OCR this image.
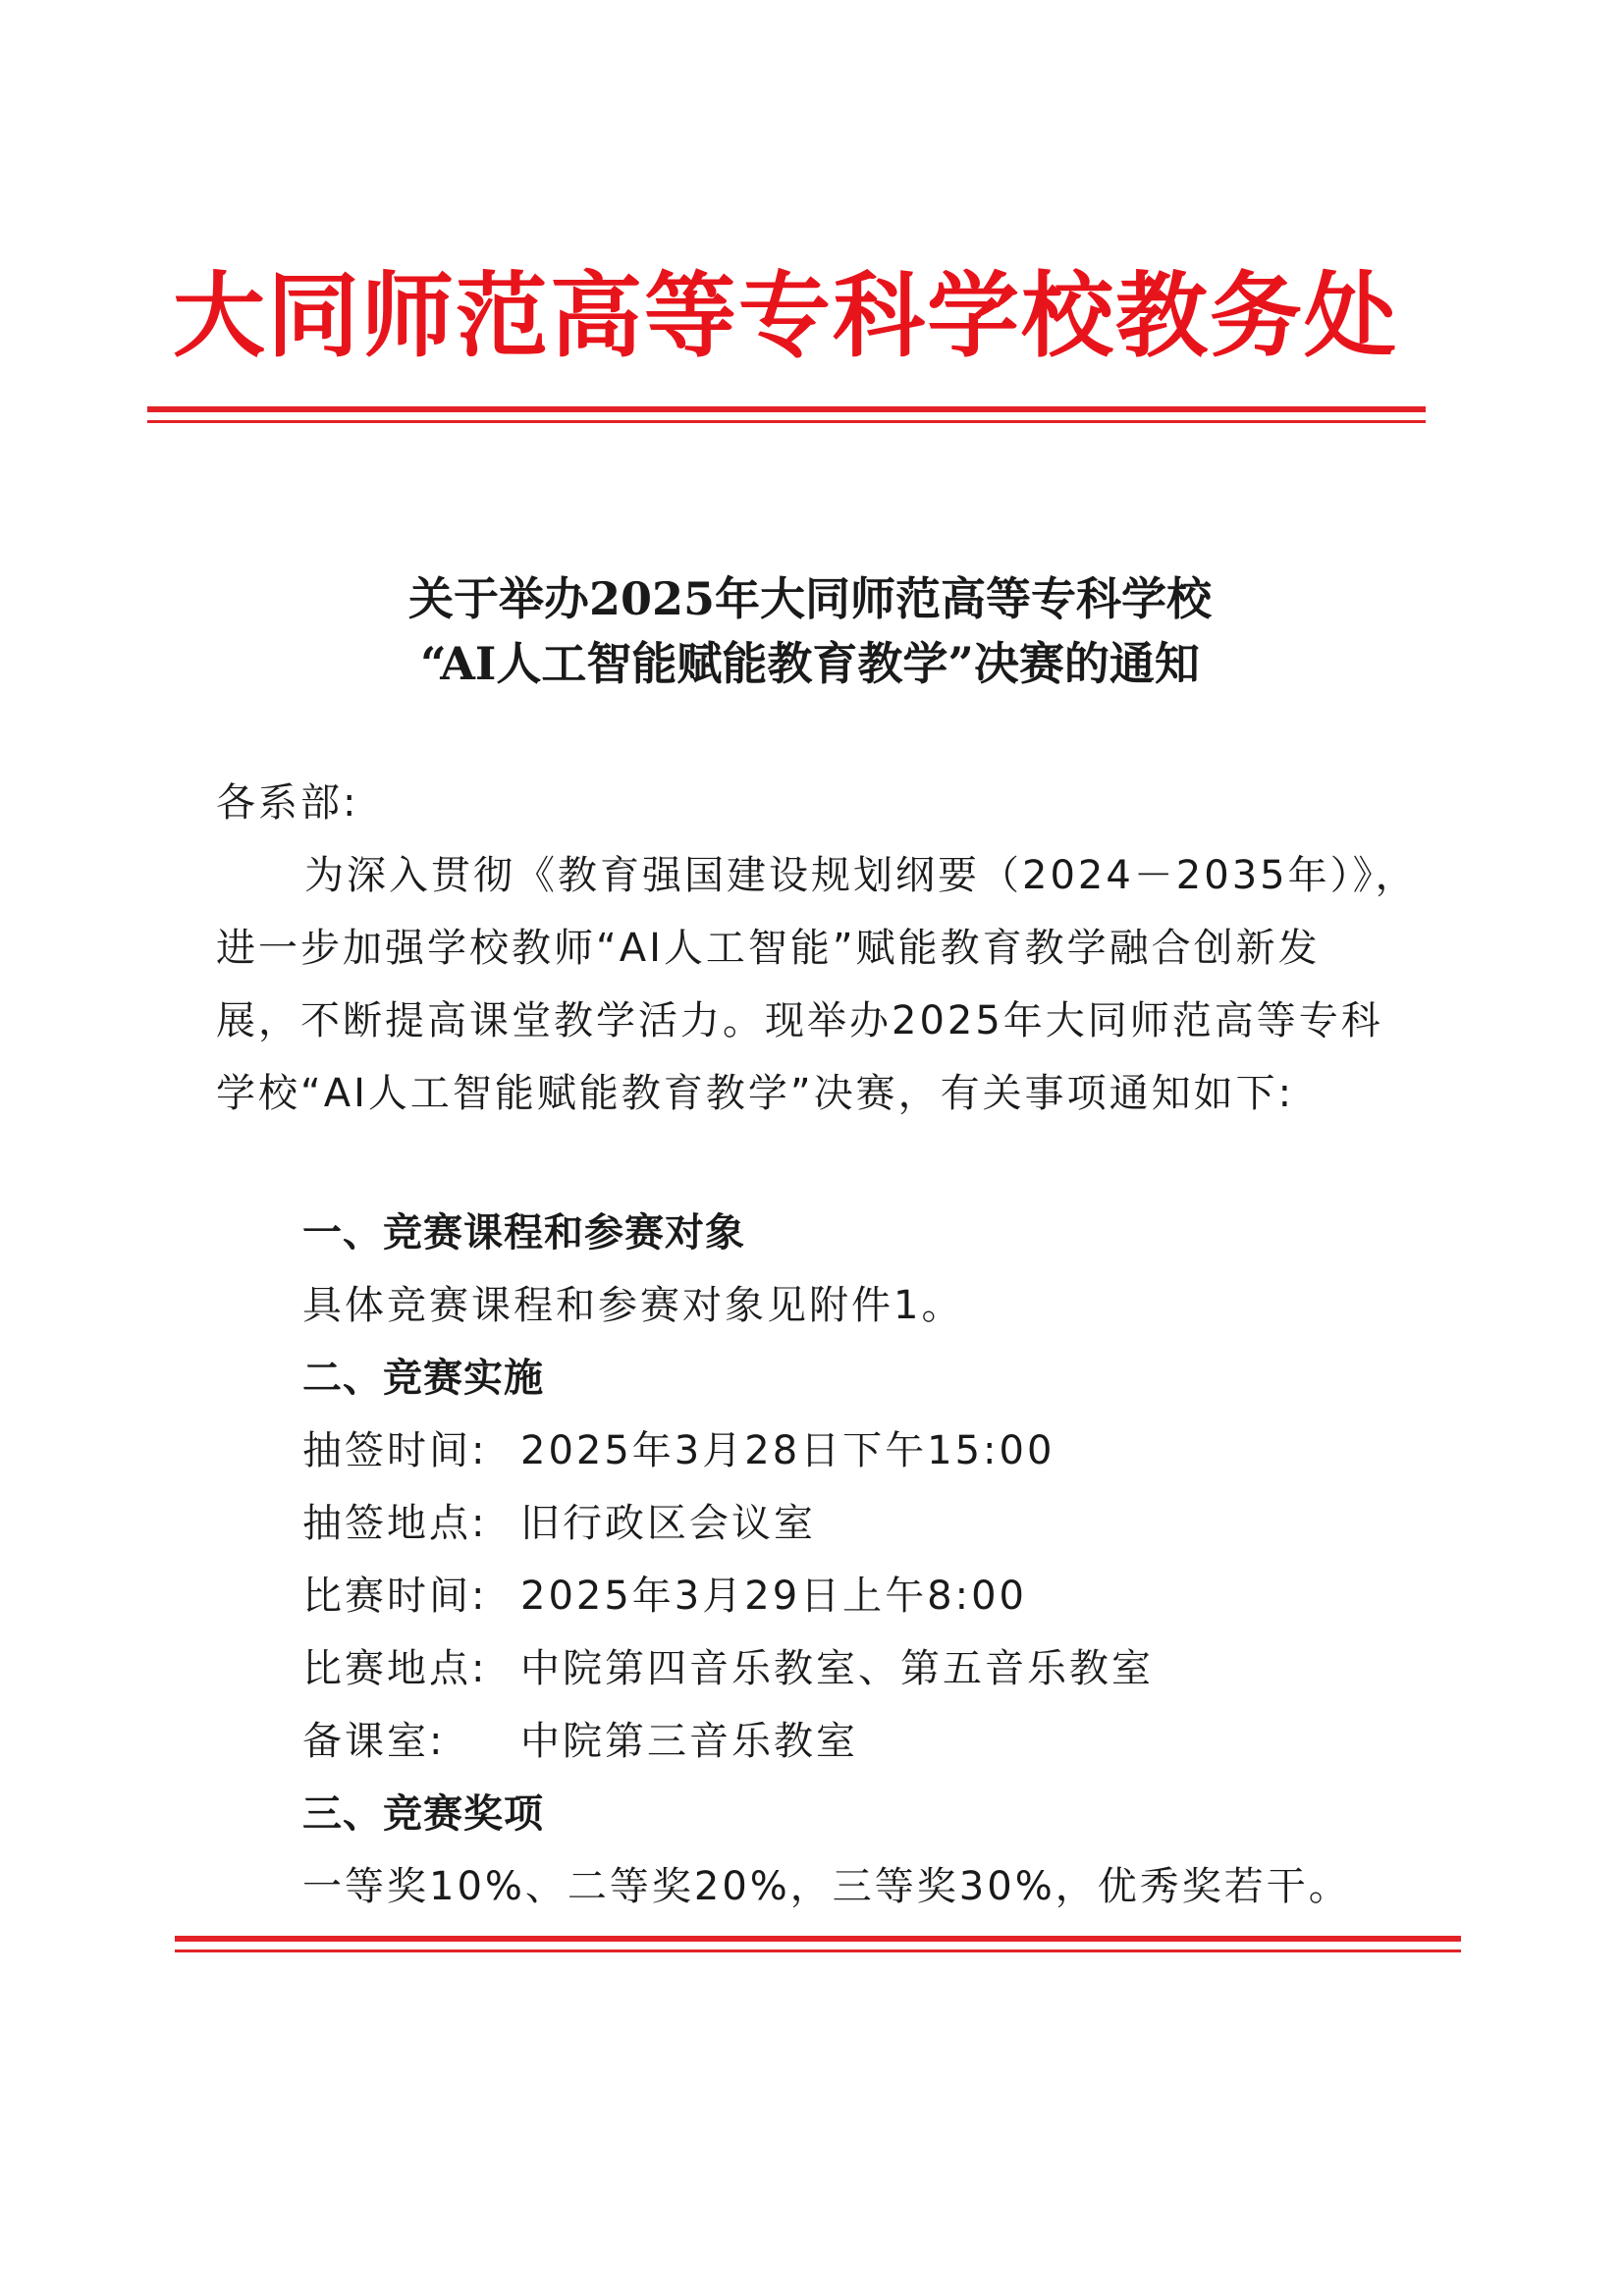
大同师范高等专科学校教务处
关于举办2025年大同师范高等专科学校
“AI人工智能赋能教育教学”决赛的通知
各系部:
为深入贯彻《教育强国建设规划纲要（2024－2035年）》，
进一步加强学校教师“AI人工智能”赋能教育教学融合创新发
展，不断提高课堂教学活力。现举办2025年大同师范高等专科
学校“AI人工智能赋能教育教学”决赛，有关事项通知如下:
一、竞赛课程和参赛对象
具体竞赛课程和参赛对象见附件1。
二、竞赛实施
抽签时间: 2025年3月28日下午15:00
抽签地点: 旧行政区会议室
比赛时间: 2025年3月29日上午8:00
比赛地点: 中院第四音乐教室、第五音乐教室
备课室: 中院第三音乐教室
三、竞赛奖项
一等奖10%、二等奖20%，三等奖30%，优秀奖若干。
